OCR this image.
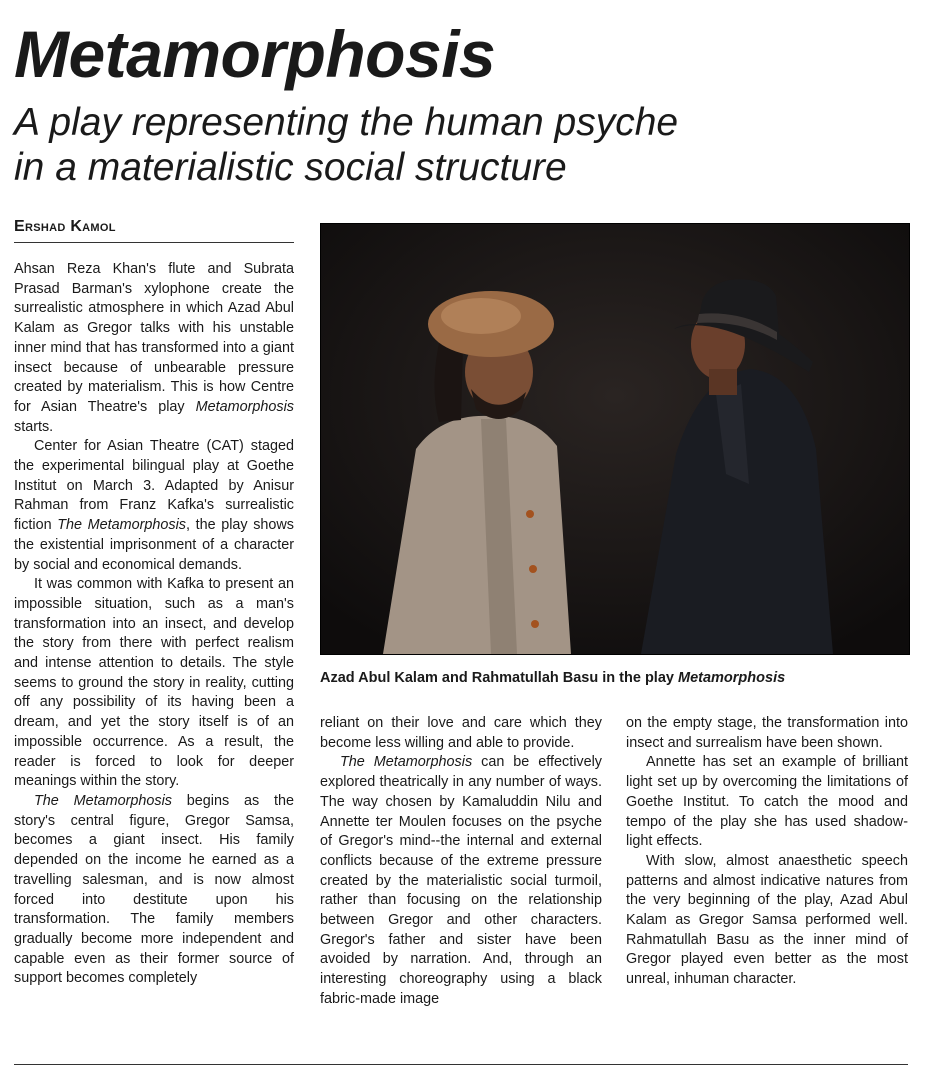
Metamorphosis
A play representing the human psyche
in a materialistic social structure
Ershad Kamol

Ahsan Reza Khan's flute and Subrata Prasad Barman's xylophone create the surrealistic atmosphere in which Azad Abul Kalam as Gregor talks with his unstable inner mind that has transformed into a giant insect because of unbearable pressure created by materialism. This is how Centre for Asian Theatre's play Metamorphosis starts.

Center for Asian Theatre (CAT) staged the experimental bilingual play at Goethe Institut on March 3. Adapted by Anisur Rahman from Franz Kafka's surrealistic fiction The Metamorphosis, the play shows the existential imprisonment of a character by social and economical demands.

It was common with Kafka to present an impossible situation, such as a man's transformation into an insect, and develop the story from there with perfect realism and intense attention to details. The style seems to ground the story in reality, cutting off any possibility of its having been a dream, and yet the story itself is of an impossible occurrence. As a result, the reader is forced to look for deeper meanings within the story.

The Metamorphosis begins as the story's central figure, Gregor Samsa, becomes a giant insect. His family depended on the income he earned as a travelling salesman, and is now almost forced into destitute upon his transformation. The family members gradually become more independent and capable even as their former source of support becomes completely

Azad Abul Kalam and Rahmatullah Basu in the play Metamorphosis

reliant on their love and care which they become less willing and able to provide.

The Metamorphosis can be effectively explored theatrically in any number of ways. The way chosen by Kamaluddin Nilu and Annette ter Moulen focuses on the psyche of Gregor's mind--the internal and external conflicts because of the extreme pressure created by the materialistic social turmoil, rather than focusing on the relationship between Gregor and other characters. Gregor's father and sister have been avoided by narration. And, through an interesting choreography using a black fabric-made image

on the empty stage, the transformation into insect and surrealism have been shown.

Annette has set an example of brilliant light set up by overcoming the limitations of Goethe Institut. To catch the mood and tempo of the play she has used shadow-light effects.

With slow, almost anaesthetic speech patterns and almost indicative natures from the very beginning of the play, Azad Abul Kalam as Gregor Samsa performed well. Rahmatullah Basu as the inner mind of Gregor played even better as the most unreal, inhuman character.
